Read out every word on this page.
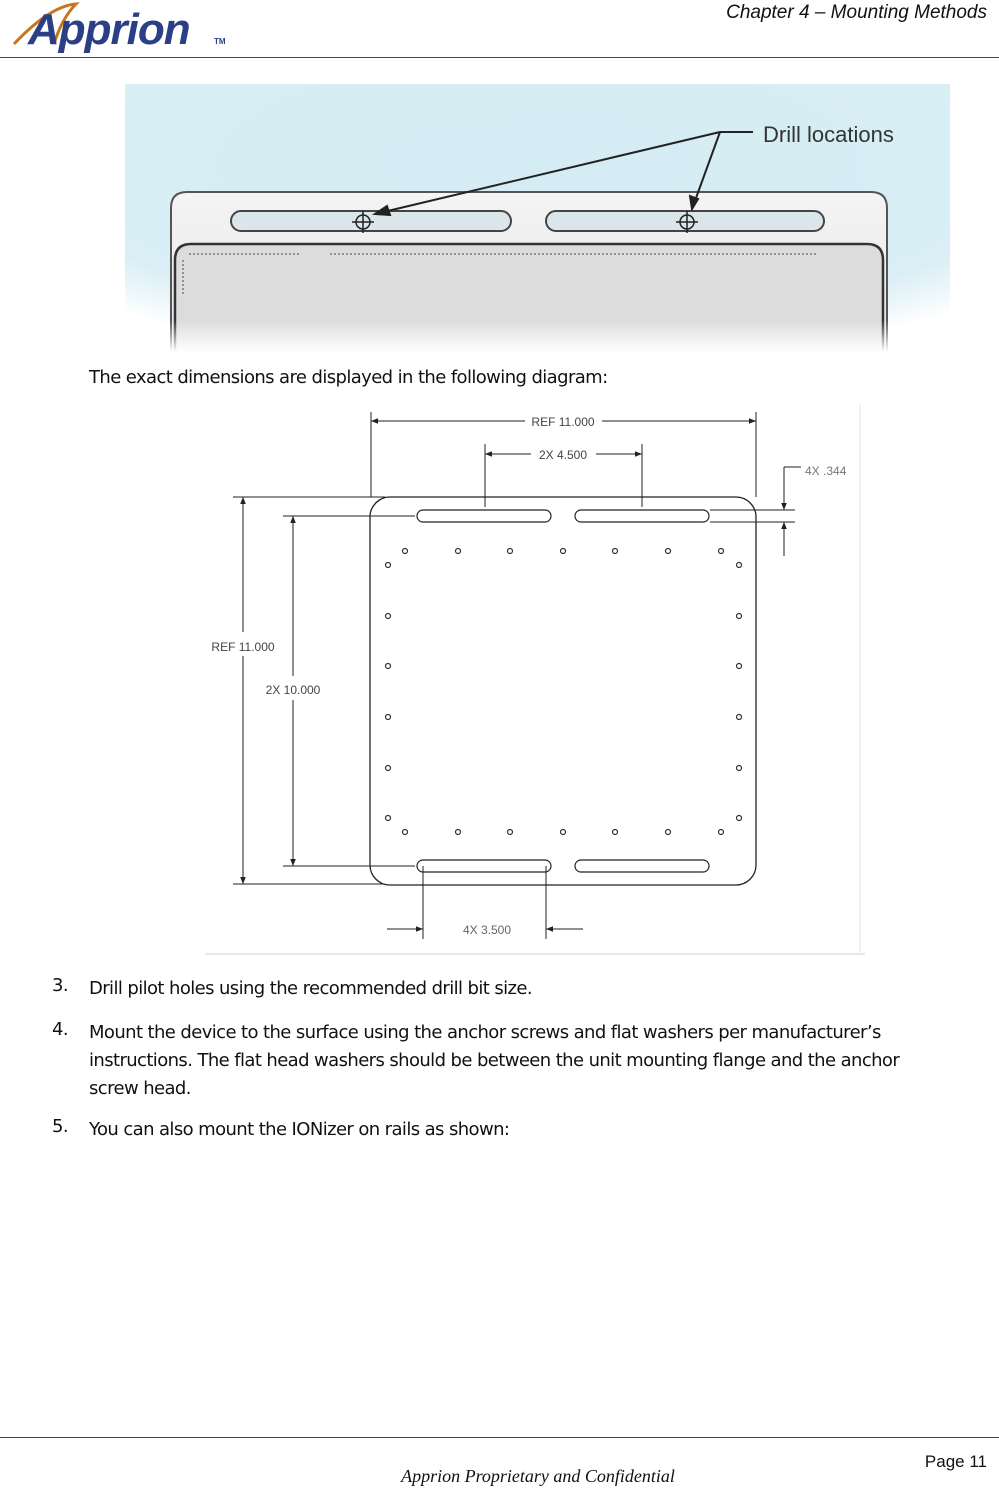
Apprion	TM
Chapter 4 – Mounting Methods
Drill locations
The exact dimensions are displayed in the following diagram:
REF 11.000
2X 4.500
4X .344
REF 11.000
2X 10.000
4X 3.500
3.	Drill pilot holes using the recommended drill bit size.
4.	Mount the device to the surface using the anchor screws and flat washers per manufacturer’s
instructions. The flat head washers should be between the unit mounting flange and the anchor
screw head.
5.	You can also mount the IONizer on rails as shown:
Page 11
Apprion Proprietary and Confidential
